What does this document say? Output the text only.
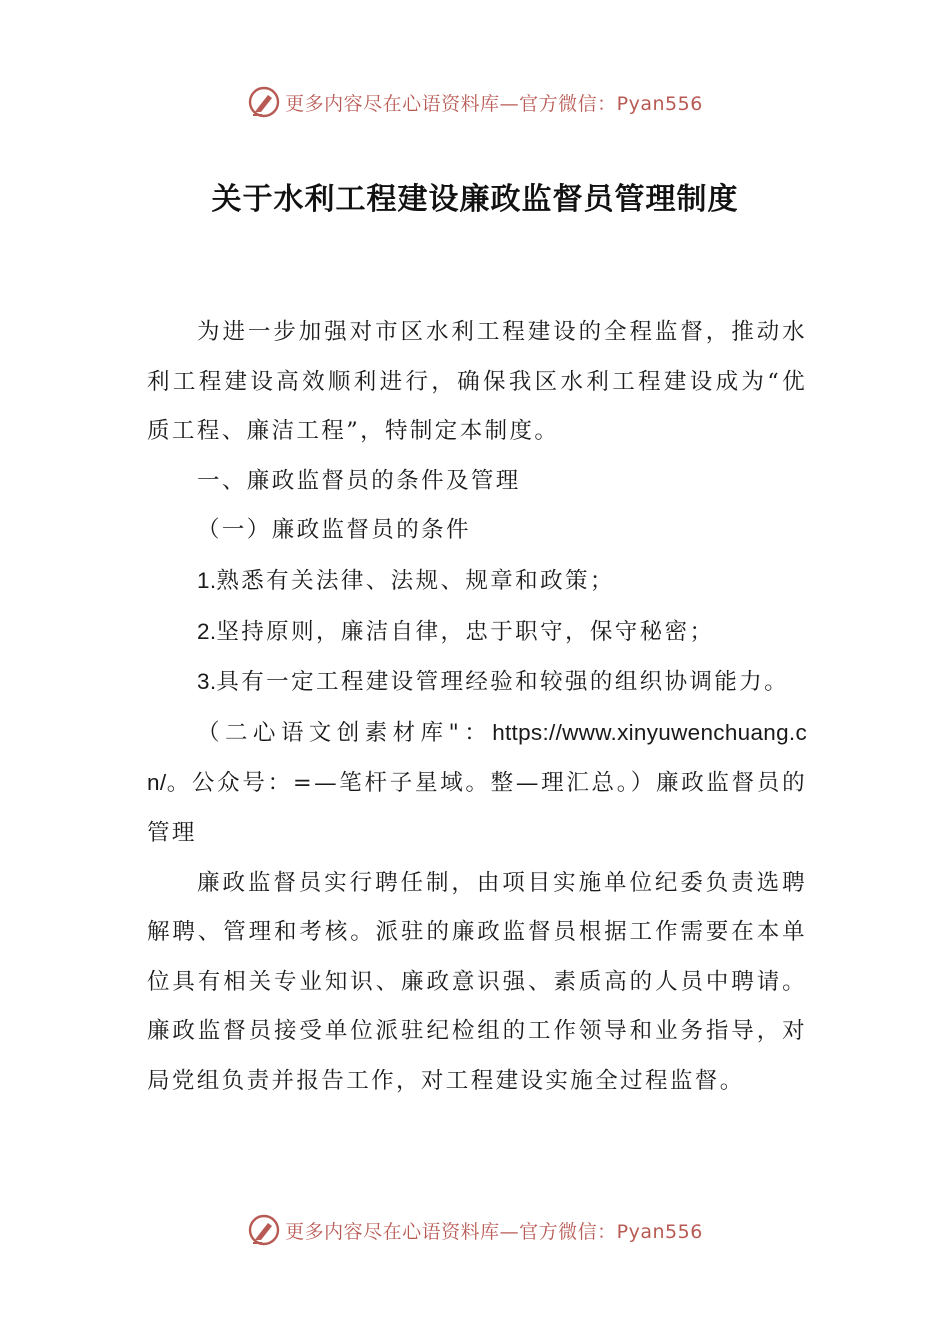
更多内容尽在心语资料库—官方微信：Pyan556
关于水利工程建设廉政监督员管理制度

为进一步加强对市区水利工程建设的全程监督，推动水利工程建设高效顺利进行，确保我区水利工程建设成为“优质工程、廉洁工程”，特制定本制度。

一、廉政监督员的条件及管理

（一）廉政监督员的条件

1.熟悉有关法律、法规、规章和政策；

2.坚持原则，廉洁自律，忠于职守，保守秘密；

3.具有一定工程建设管理经验和较强的组织协调能力。

（二心语文创素材库"：https://www.xinyuwenchuang.cn/。公众号：=—笔杆子星域。整—理汇总。）廉政监督员的管理

廉政监督员实行聘任制，由项目实施单位纪委负责选聘解聘、管理和考核。派驻的廉政监督员根据工作需要在本单位具有相关专业知识、廉政意识强、素质高的人员中聘请。廉政监督员接受单位派驻纪检组的工作领导和业务指导，对局党组负责并报告工作，对工程建设实施全过程监督。

更多内容尽在心语资料库—官方微信：Pyan556
